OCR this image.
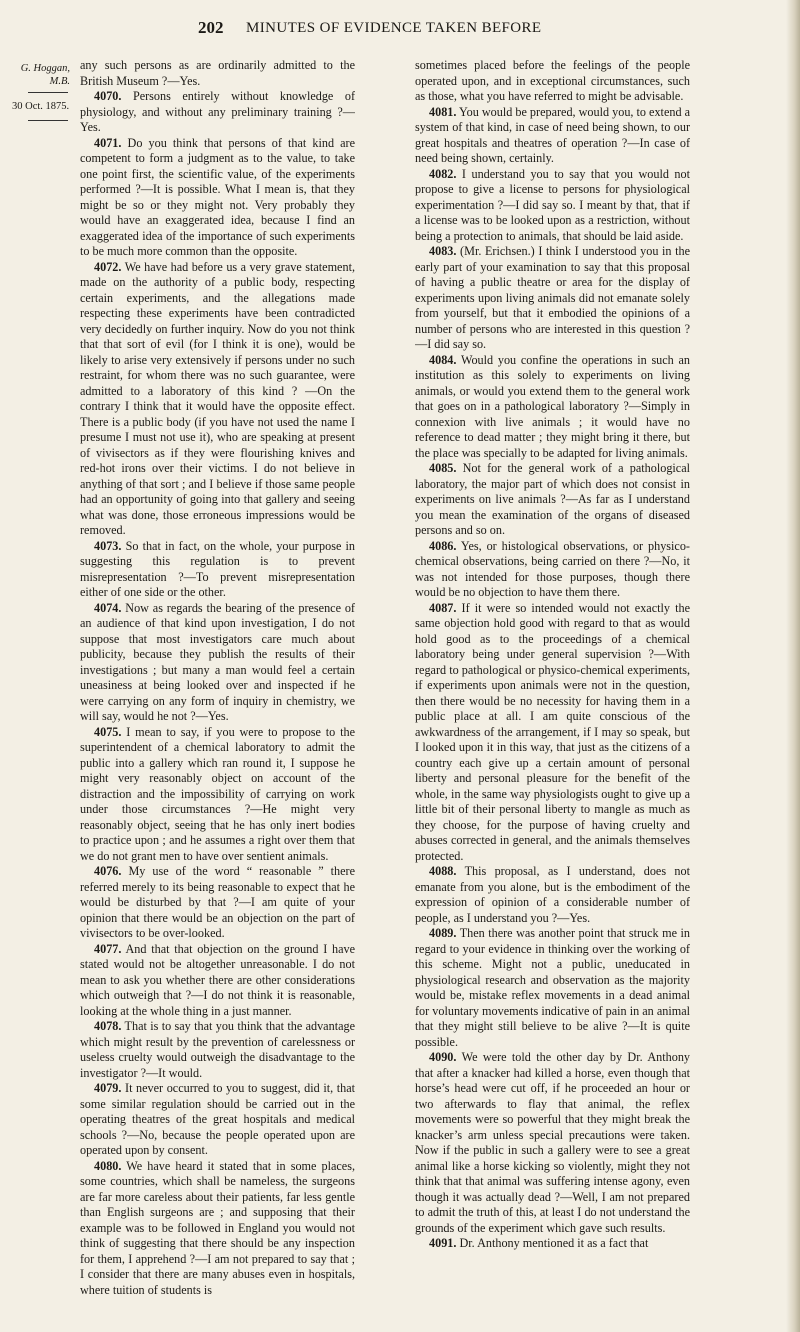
202 MINUTES OF EVIDENCE TAKEN BEFORE
G. Hoggan,
M.B.
30 Oct. 1875.

any such persons as are ordinarily admitted to the British Museum ?—Yes.

4070. Persons entirely without knowledge of physiology, and without any preliminary training ?—Yes.

4071. Do you think that persons of that kind are competent to form a judgment as to the value, to take one point first, the scientific value, of the experiments performed ?—It is possible. What I mean is, that they might be so or they might not. Very probably they would have an exaggerated idea, because I find an exaggerated idea of the importance of such experiments to be much more common than the opposite.

4072. We have had before us a very grave statement, made on the authority of a public body, respecting certain experiments, and the allegations made respecting these experiments have been contradicted very decidedly on further inquiry. Now do you not think that that sort of evil (for I think it is one), would be likely to arise very extensively if persons under no such restraint, for whom there was no such guarantee, were admitted to a laboratory of this kind ? —On the contrary I think that it would have the opposite effect. There is a public body (if you have not used the name I presume I must not use it), who are speaking at present of vivisectors as if they were flourishing knives and red-hot irons over their victims. I do not believe in anything of that sort ; and I believe if those same people had an opportunity of going into that gallery and seeing what was done, those erroneous impressions would be removed.

4073. So that in fact, on the whole, your purpose in suggesting this regulation is to prevent misrepresentation ?—To prevent misrepresentation either of one side or the other.

4074. Now as regards the bearing of the presence of an audience of that kind upon investigation, I do not suppose that most investigators care much about publicity, because they publish the results of their investigations ; but many a man would feel a certain uneasiness at being looked over and inspected if he were carrying on any form of inquiry in chemistry, we will say, would he not ?—Yes.

4075. I mean to say, if you were to propose to the superintendent of a chemical laboratory to admit the public into a gallery which ran round it, I suppose he might very reasonably object on account of the distraction and the impossibility of carrying on work under those circumstances ?—He might very reasonably object, seeing that he has only inert bodies to practice upon ; and he assumes a right over them that we do not grant men to have over sentient animals.

4076. My use of the word “ reasonable ” there referred merely to its being reasonable to expect that he would be disturbed by that ?—I am quite of your opinion that there would be an objection on the part of vivisectors to be over-looked.

4077. And that that objection on the ground I have stated would not be altogether unreasonable. I do not mean to ask you whether there are other considerations which outweigh that ?—I do not think it is reasonable, looking at the whole thing in a just manner.

4078. That is to say that you think that the advantage which might result by the prevention of carelessness or useless cruelty would outweigh the disadvantage to the investigator ?—It would.

4079. It never occurred to you to suggest, did it, that some similar regulation should be carried out in the operating theatres of the great hospitals and medical schools ?—No, because the people operated upon are operated upon by consent.

4080. We have heard it stated that in some places, some countries, which shall be nameless, the surgeons are far more careless about their patients, far less gentle than English surgeons are ; and supposing that their example was to be followed in England you would not think of suggesting that there should be any inspection for them, I apprehend ?—I am not prepared to say that ; I consider that there are many abuses even in hospitals, where tuition of students is

sometimes placed before the feelings of the people operated upon, and in exceptional circumstances, such as those, what you have referred to might be advisable.

4081. You would be prepared, would you, to extend a system of that kind, in case of need being shown, to our great hospitals and theatres of operation ?—In case of need being shown, certainly.

4082. I understand you to say that you would not propose to give a license to persons for physiological experimentation ?—I did say so. I meant by that, that if a license was to be looked upon as a restriction, without being a protection to animals, that should be laid aside.

4083. (Mr. Erichsen.) I think I understood you in the early part of your examination to say that this proposal of having a public theatre or area for the display of experiments upon living animals did not emanate solely from yourself, but that it embodied the opinions of a number of persons who are interested in this question ?—I did say so.

4084. Would you confine the operations in such an institution as this solely to experiments on living animals, or would you extend them to the general work that goes on in a pathological laboratory ?—Simply in connexion with live animals ; it would have no reference to dead matter ; they might bring it there, but the place was specially to be adapted for living animals.

4085. Not for the general work of a pathological laboratory, the major part of which does not consist in experiments on live animals ?—As far as I understand you mean the examination of the organs of diseased persons and so on.

4086. Yes, or histological observations, or physico-chemical observations, being carried on there ?—No, it was not intended for those purposes, though there would be no objection to have them there.

4087. If it were so intended would not exactly the same objection hold good with regard to that as would hold good as to the proceedings of a chemical laboratory being under general supervision ?—With regard to pathological or physico-chemical experiments, if experiments upon animals were not in the question, then there would be no necessity for having them in a public place at all. I am quite conscious of the awkwardness of the arrangement, if I may so speak, but I looked upon it in this way, that just as the citizens of a country each give up a certain amount of personal liberty and personal pleasure for the benefit of the whole, in the same way physiologists ought to give up a little bit of their personal liberty to mangle as much as they choose, for the purpose of having cruelty and abuses corrected in general, and the animals themselves protected.

4088. This proposal, as I understand, does not emanate from you alone, but is the embodiment of the expression of opinion of a considerable number of people, as I understand you ?—Yes.

4089. Then there was another point that struck me in regard to your evidence in thinking over the working of this scheme. Might not a public, uneducated in physiological research and observation as the majority would be, mistake reflex movements in a dead animal for voluntary movements indicative of pain in an animal that they might still believe to be alive ?—It is quite possible.

4090. We were told the other day by Dr. Anthony that after a knacker had killed a horse, even though that horse’s head were cut off, if he proceeded an hour or two afterwards to flay that animal, the reflex movements were so powerful that they might break the knacker’s arm unless special precautions were taken. Now if the public in such a gallery were to see a great animal like a horse kicking so violently, might they not think that that animal was suffering intense agony, even though it was actually dead ?—Well, I am not prepared to admit the truth of this, at least I do not understand the grounds of the experiment which gave such results.

4091. Dr. Anthony mentioned it as a fact that
